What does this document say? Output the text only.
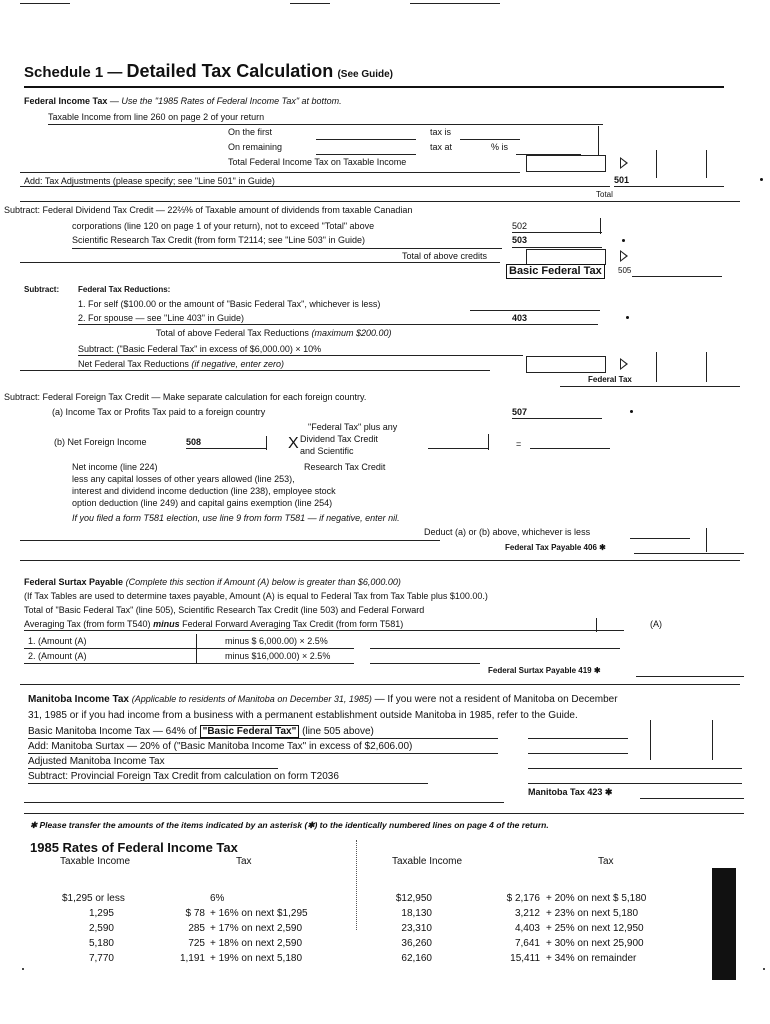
Schedule 1 — Detailed Tax Calculation (See Guide)
Federal Income Tax — Use the "1985 Rates of Federal Income Tax" at bottom.
Taxable Income from line 260 on page 2 of your return
On the first	tax is
On remaining	tax at	% is
Total Federal Income Tax on Taxable Income
Add: Tax Adjustments (please specify; see "Line 501" in Guide)	501
Total
Subtract: Federal Dividend Tax Credit — 22⅔% of Taxable amount of dividends from taxable Canadian
corporations (line 120 on page 1 of your return), not to exceed "Total" above	502
Scientific Research Tax Credit (from form T2114; see "Line 503" in Guide)	503
Total of above credits
Basic Federal Tax	505
Subtract: Federal Tax Reductions:
1. For self ($100.00 or the amount of "Basic Federal Tax", whichever is less)
2. For spouse — see "Line 403" in Guide)	403
Total of above Federal Tax Reductions (maximum $200.00)
Subtract: ("Basic Federal Tax" in excess of $6,000.00) × 10%
Net Federal Tax Reductions (if negative, enter zero)
Federal Tax
Subtract: Federal Foreign Tax Credit — Make separate calculation for each foreign country.
(a) Income Tax or Profits Tax paid to a foreign country	507
(b) Net Foreign Income	508	X
"Federal Tax" plus any
Dividend Tax Credit
and Scientific
=
Net income (line 224)	Research Tax Credit
less any capital losses of other years allowed (line 253),
interest and dividend income deduction (line 238), employee stock
option deduction (line 249) and capital gains exemption (line 254)
If you filed a form T581 election, use line 9 from form T581 — if negative, enter nil.
Deduct (a) or (b) above, whichever is less
Federal Tax Payable 406 ✱
Federal Surtax Payable (Complete this section if Amount (A) below is greater than $6,000.00)
(If Tax Tables are used to determine taxes payable, Amount (A) is equal to Federal Tax from Tax Table plus $100.00.)
Total of "Basic Federal Tax" (line 505), Scientific Research Tax Credit (line 503) and Federal Forward
Averaging Tax (from form T540) minus Federal Forward Averaging Tax Credit (from form T581)	(A)
1. (Amount (A)	minus $ 6,000.00) × 2.5%
2. (Amount (A)	minus $16,000.00) × 2.5%
Federal Surtax Payable 419 ✱
Manitoba Income Tax (Applicable to residents of Manitoba on December 31, 1985) — If you were not a resident of Manitoba on December
31, 1985 or if you had income from a business with a permanent establishment outside Manitoba in 1985, refer to the Guide.
Basic Manitoba Income Tax — 64% of "Basic Federal Tax" (line 505 above)
Add: Manitoba Surtax — 20% of ("Basic Manitoba Income Tax" in excess of $2,606.00)
Adjusted Manitoba Income Tax
Subtract: Provincial Foreign Tax Credit from calculation on form T2036
Manitoba Tax 423 ✱
✱ Please transfer the amounts of the items indicated by an asterisk (✱) to the identically numbered lines on page 4 of the return.
1985 Rates of Federal Income Tax
Taxable Income	Tax	Taxable Income	Tax
$1,295 or less	6%
1,295	$ 78 + 16% on next $1,295
2,590	285 + 17% on next 2,590
5,180	725 + 18% on next 2,590
7,770	1,191 + 19% on next 5,180
$12,950	$ 2,176 + 20% on next $ 5,180
18,130	3,212 + 23% on next 5,180
23,310	4,403 + 25% on next 12,950
36,260	7,641 + 30% on next 25,900
62,160	15,411 + 34% on remainder
